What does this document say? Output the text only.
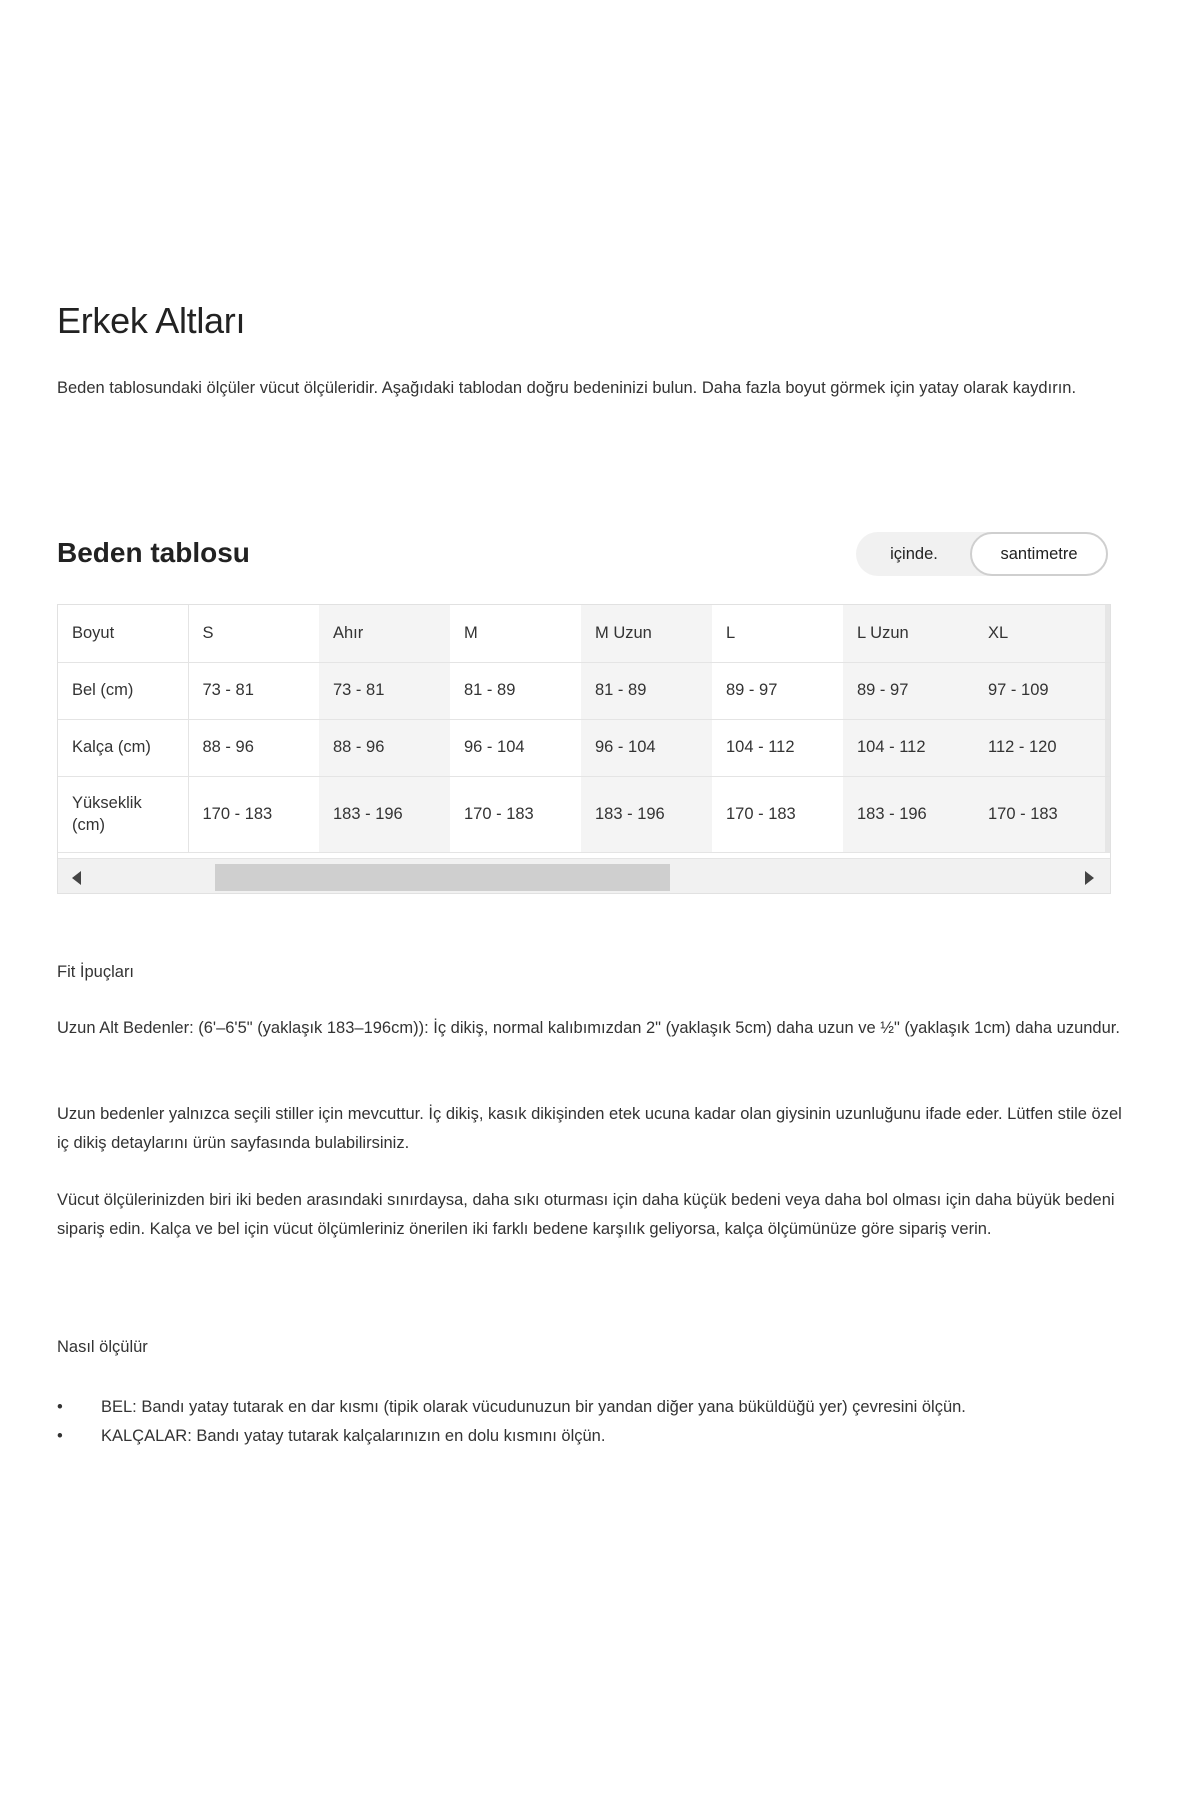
Erkek Altları

Beden tablosundaki ölçüler vücut ölçüleridir. Aşağıdaki tablodan doğru bedeninizi bulun. Daha fazla boyut görmek için yatay olarak kaydırın.

Beden tablosu	içinde.	santimetre
Boyut	S	Ahır	M	M Uzun	L	L Uzun	XL	
Bel (cm)	73 - 81	73 - 81	81 - 89	81 - 89	89 - 97	89 - 97	97 - 109	
Kalça (cm)	88 - 96	88 - 96	96 - 104	96 - 104	104 - 112	104 - 112	112 - 120	
Yükseklik (cm)	170 - 183	183 - 196	170 - 183	183 - 196	170 - 183	183 - 196	170 - 183	
Fit İpuçları

Uzun Alt Bedenler: (6'–6'5" (yaklaşık 183–196cm)): İç dikiş, normal kalıbımızdan 2" (yaklaşık 5cm) daha uzun ve ½" (yaklaşık 1cm) daha uzundur.

Uzun bedenler yalnızca seçili stiller için mevcuttur. İç dikiş, kasık dikişinden etek ucuna kadar olan giysinin uzunluğunu ifade eder. Lütfen stile özel iç dikiş detaylarını ürün sayfasında bulabilirsiniz.

Vücut ölçülerinizden biri iki beden arasındaki sınırdaysa, daha sıkı oturması için daha küçük bedeni veya daha bol olması için daha büyük bedeni sipariş edin. Kalça ve bel için vücut ölçümleriniz önerilen iki farklı bedene karşılık geliyorsa, kalça ölçümünüze göre sipariş verin.

Nasıl ölçülür
• BEL: Bandı yatay tutarak en dar kısmı (tipik olarak vücudunuzun bir yandan diğer yana büküldüğü yer) çevresini ölçün.
• KALÇALAR: Bandı yatay tutarak kalçalarınızın en dolu kısmını ölçün.
